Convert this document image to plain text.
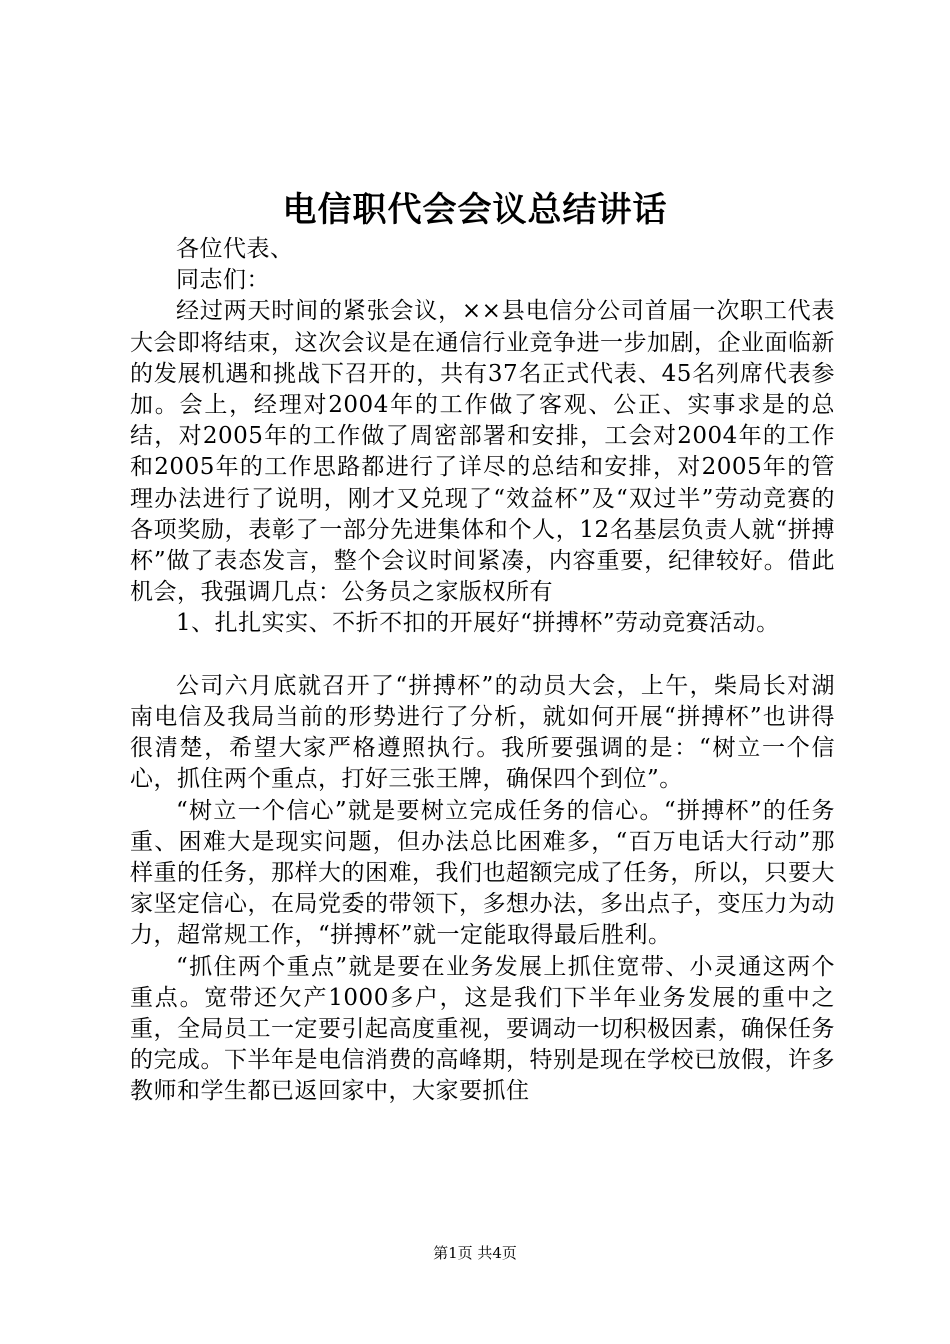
电信职代会会议总结讲话

各位代表、

同志们：

经过两天时间的紧张会议，××县电信分公司首届一次职工代表大会即将结束，这次会议是在通信行业竞争进一步加剧，企业面临新的发展机遇和挑战下召开的，共有37名正式代表、45名列席代表参加。会上，经理对2004年的工作做了客观、公正、实事求是的总结，对2005年的工作做了周密部署和安排，工会对2004年的工作和2005年的工作思路都进行了详尽的总结和安排，对2005年的管理办法进行了说明，刚才又兑现了“效益杯”及“双过半”劳动竞赛的各项奖励，表彰了一部分先进集体和个人，12名基层负责人就“拼搏杯”做了表态发言，整个会议时间紧凑，内容重要，纪律较好。借此机会，我强调几点：公务员之家版权所有

1、扎扎实实、不折不扣的开展好“拼搏杯”劳动竞赛活动。

公司六月底就召开了“拼搏杯”的动员大会，上午，柴局长对湖南电信及我局当前的形势进行了分析，就如何开展“拼搏杯”也讲得很清楚，希望大家严格遵照执行。我所要强调的是：“树立一个信心，抓住两个重点，打好三张王牌，确保四个到位”。

“树立一个信心”就是要树立完成任务的信心。“拼搏杯”的任务重、困难大是现实问题，但办法总比困难多，“百万电话大行动”那样重的任务，那样大的困难，我们也超额完成了任务，所以，只要大家坚定信心，在局党委的带领下，多想办法，多出点子，变压力为动力，超常规工作，“拼搏杯”就一定能取得最后胜利。

“抓住两个重点”就是要在业务发展上抓住宽带、小灵通这两个重点。宽带还欠产1000多户，这是我们下半年业务发展的重中之重，全局员工一定要引起高度重视，要调动一切积极因素，确保任务的完成。下半年是电信消费的高峰期，特别是现在学校已放假，许多教师和学生都已返回家中，大家要抓住

第1页 共4页
